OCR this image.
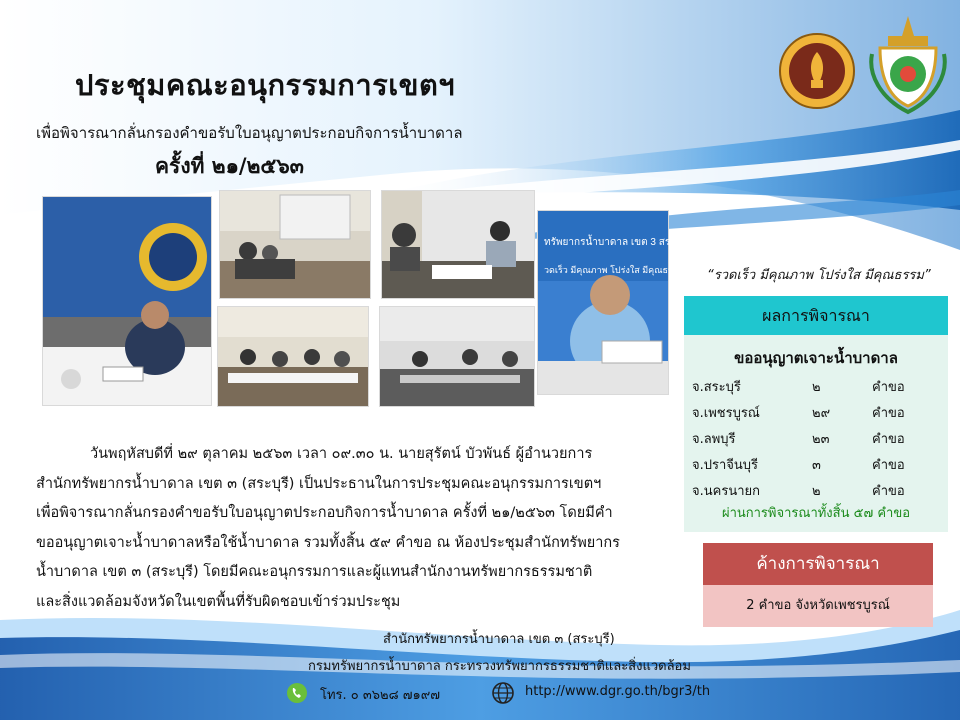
ประชุมคณะอนุกรรมการเขตฯ
เพื่อพิจารณากลั่นกรองคำขอรับใบอนุญาตประกอบกิจการน้ำบาดาล
ครั้งที่ ๒๑/๒๕๖๓
ทรัพยากรน้ำบาดาล เขต 3 สร
วดเร็ว มีคุณภาพ โปร่งใส มีคุณธรรม “รวดเร็ว มีคุณภาพ โปร่งใส มีคุณธรรม”
ผลการพิจารณา
ขออนุญาตเจาะน้ำบาดาล
จ.สระบุรี	๒	คำขอ
จ.เพชรบูรณ์	๒๙	คำขอ
จ.ลพบุรี	๒๓	คำขอ
จ.ปราจีนบุรี	๓	คำขอ
จ.นครนายก	๒	คำขอ
ผ่านการพิจารณาทั้งสิ้น ๕๗ คำขอ
ค้างการพิจารณา
2 คำขอ จังหวัดเพชรบูรณ์
วันพฤหัสบดีที่ ๒๙ ตุลาคม ๒๕๖๓ เวลา ๐๙.๓๐ น. นายสุรัตน์ บัวพันธ์ ผู้อำนวยการ
สำนักทรัพยากรน้ำบาดาล เขต ๓ (สระบุรี) เป็นประธานในการประชุมคณะอนุกรรมการเขตฯ
เพื่อพิจารณากลั่นกรองคำขอรับใบอนุญาตประกอบกิจการน้ำบาดาล ครั้งที่ ๒๑/๒๕๖๓ โดยมีคำ
ขออนุญาตเจาะน้ำบาดาลหรือใช้น้ำบาดาล รวมทั้งสิ้น ๕๙ คำขอ ณ ห้องประชุมสำนักทรัพยากร
น้ำบาดาล เขต ๓ (สระบุรี) โดยมีคณะอนุกรรมการและผู้แทนสำนักงานทรัพยากรธรรมชาติ
และสิ่งแวดล้อมจังหวัดในเขตพื้นที่รับผิดชอบเข้าร่วมประชุม
สำนักทรัพยากรน้ำบาดาล เขต ๓ (สระบุรี)
กรมทรัพยากรน้ำบาดาล กระทรวงทรัพยากรธรรมชาติและสิ่งแวดล้อม
โทร. ๐ ๓๖๒๘ ๗๑๙๗	http://www.dgr.go.th/bgr3/th
